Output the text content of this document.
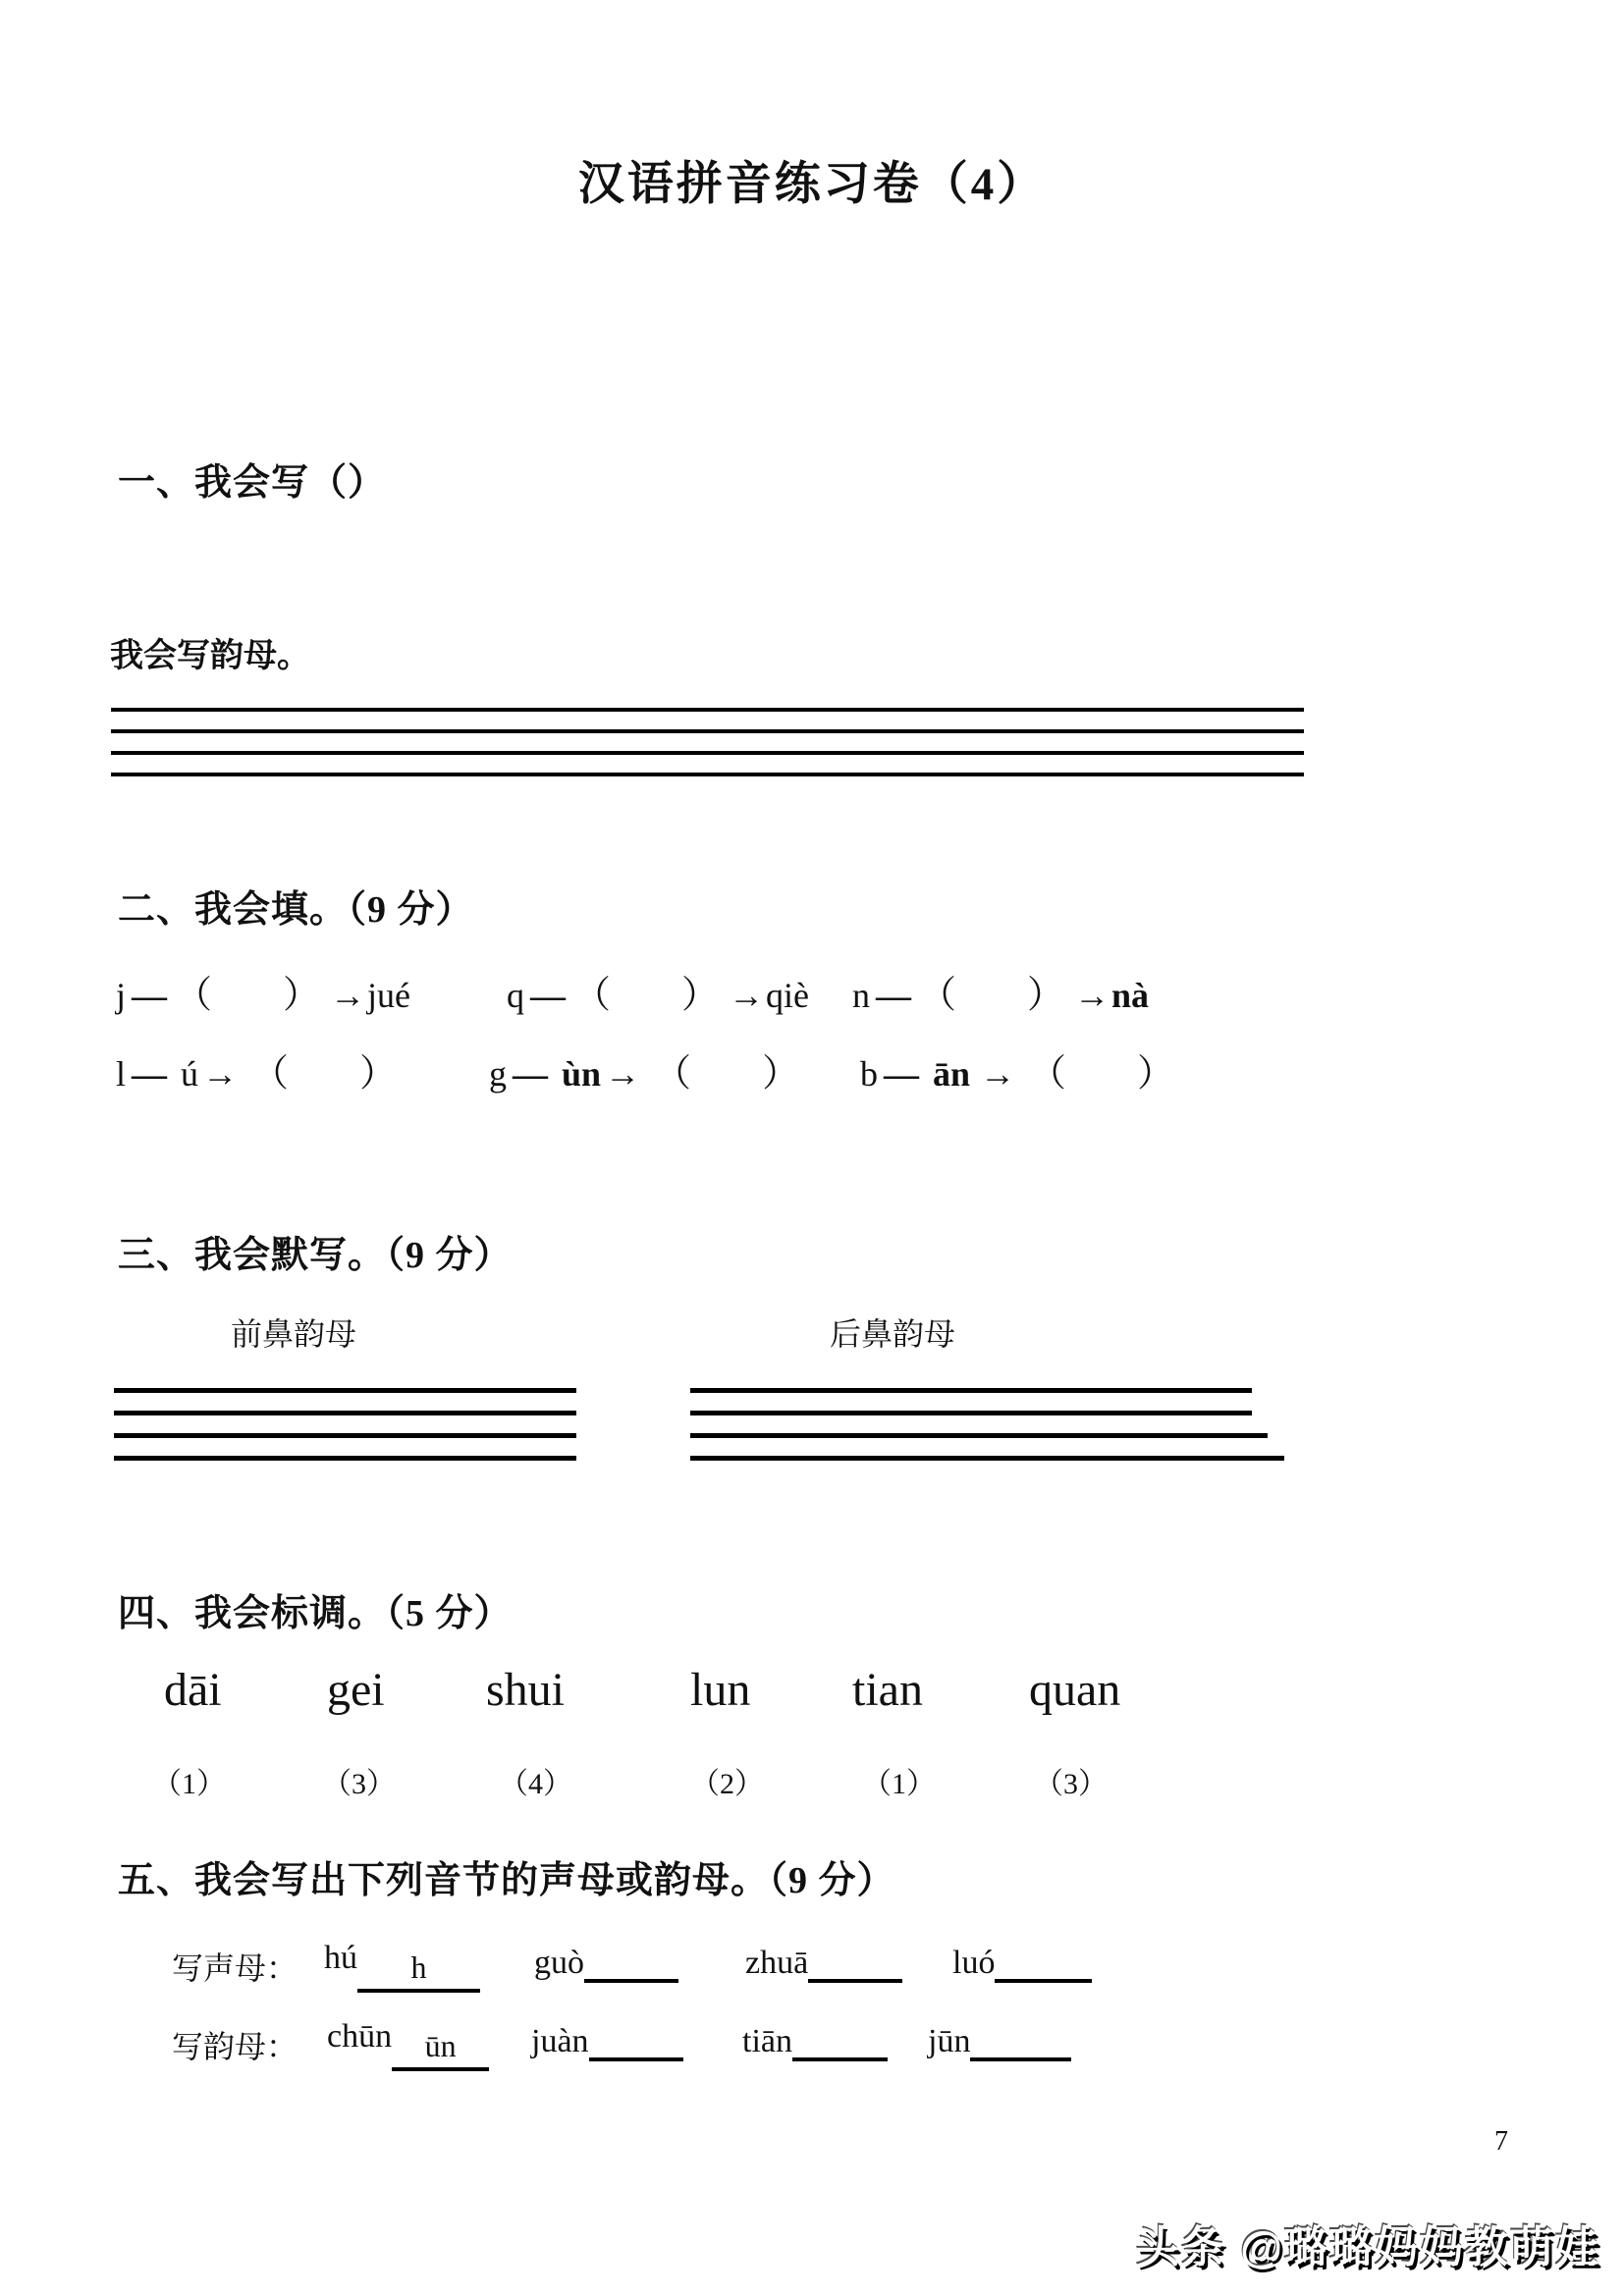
汉语拼音练习卷（4）
一、我会写（）
我会写韵母。
二、我会填。（9 分）
j — （ ） →jué	q — （ ） →qiè n — （ ） →nà
l — ú → （ ）	g — ùn → （ ） b — ān → （ ）
三、我会默写。（9 分）
前鼻韵母	后鼻韵母
四、我会标调。（5 分）
dāi gei shui	lun tian quan
（1）	（3）	（4）	（2）	（1）	（3）
五、我会写出下列音节的声母或韵母。（9 分）
写声母： hú h	guò	zhuā	luó
写韵母： chūn ūn	juàn	tiān	jūn
7
头条 @璐璐妈妈教萌娃
